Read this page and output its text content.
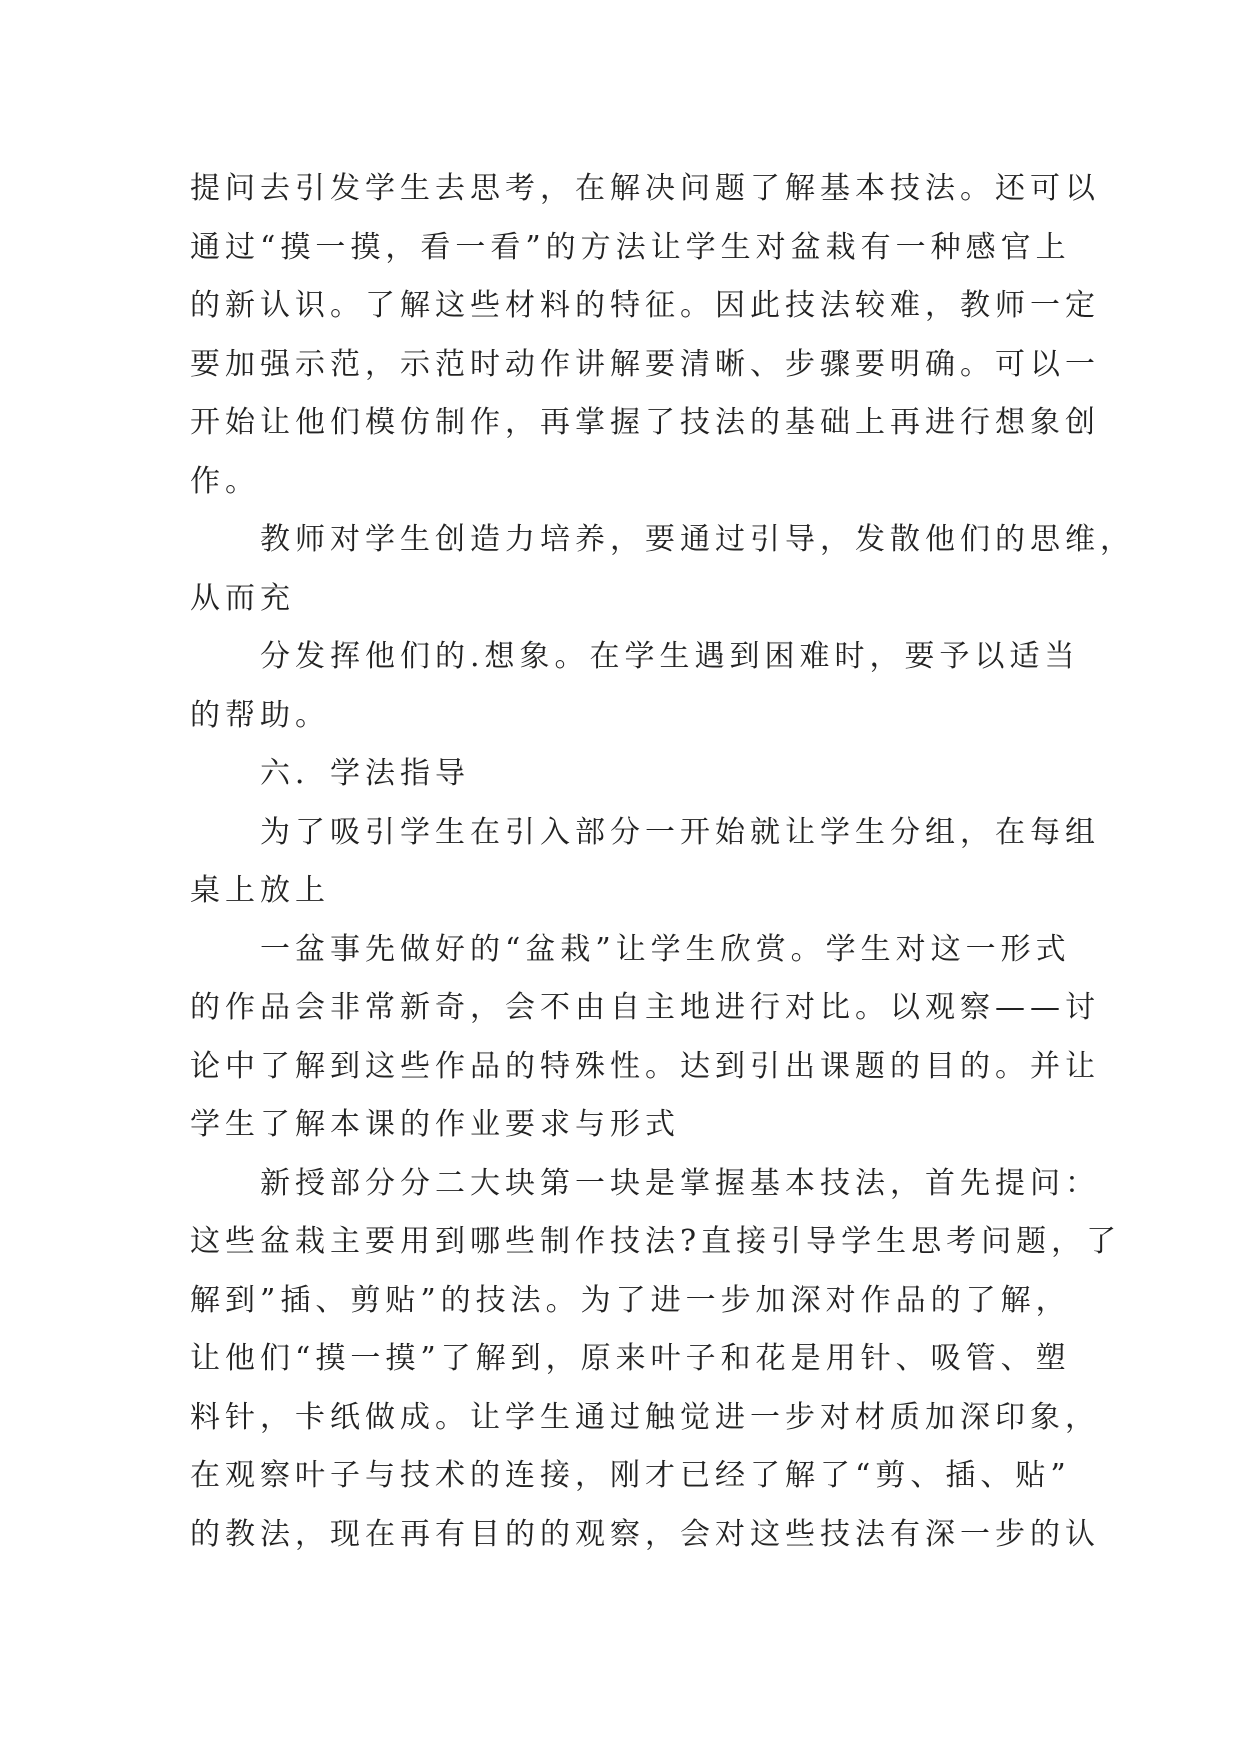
提问去引发学生去思考，在解决问题了解基本技法。还可以
通过“摸一摸，看一看”的方法让学生对盆栽有一种感官上
的新认识。了解这些材料的特征。因此技法较难，教师一定
要加强示范，示范时动作讲解要清晰、步骤要明确。可以一
开始让他们模仿制作，再掌握了技法的基础上再进行想象创
作。
教师对学生创造力培养，要通过引导，发散他们的思维，
从而充
分发挥他们的.想象。在学生遇到困难时，要予以适当
的帮助。
六．学法指导
为了吸引学生在引入部分一开始就让学生分组，在每组
桌上放上
一盆事先做好的“盆栽”让学生欣赏。学生对这一形式
的作品会非常新奇，会不由自主地进行对比。以观察——讨
论中了解到这些作品的特殊性。达到引出课题的目的。并让
学生了解本课的作业要求与形式
新授部分分二大块第一块是掌握基本技法，首先提问：
这些盆栽主要用到哪些制作技法?直接引导学生思考问题，了
解到”插、剪贴”的技法。为了进一步加深对作品的了解，
让他们“摸一摸”了解到，原来叶子和花是用针、吸管、塑
料针，卡纸做成。让学生通过触觉进一步对材质加深印象，
在观察叶子与技术的连接，刚才已经了解了“剪、插、贴”
的教法，现在再有目的的观察，会对这些技法有深一步的认
